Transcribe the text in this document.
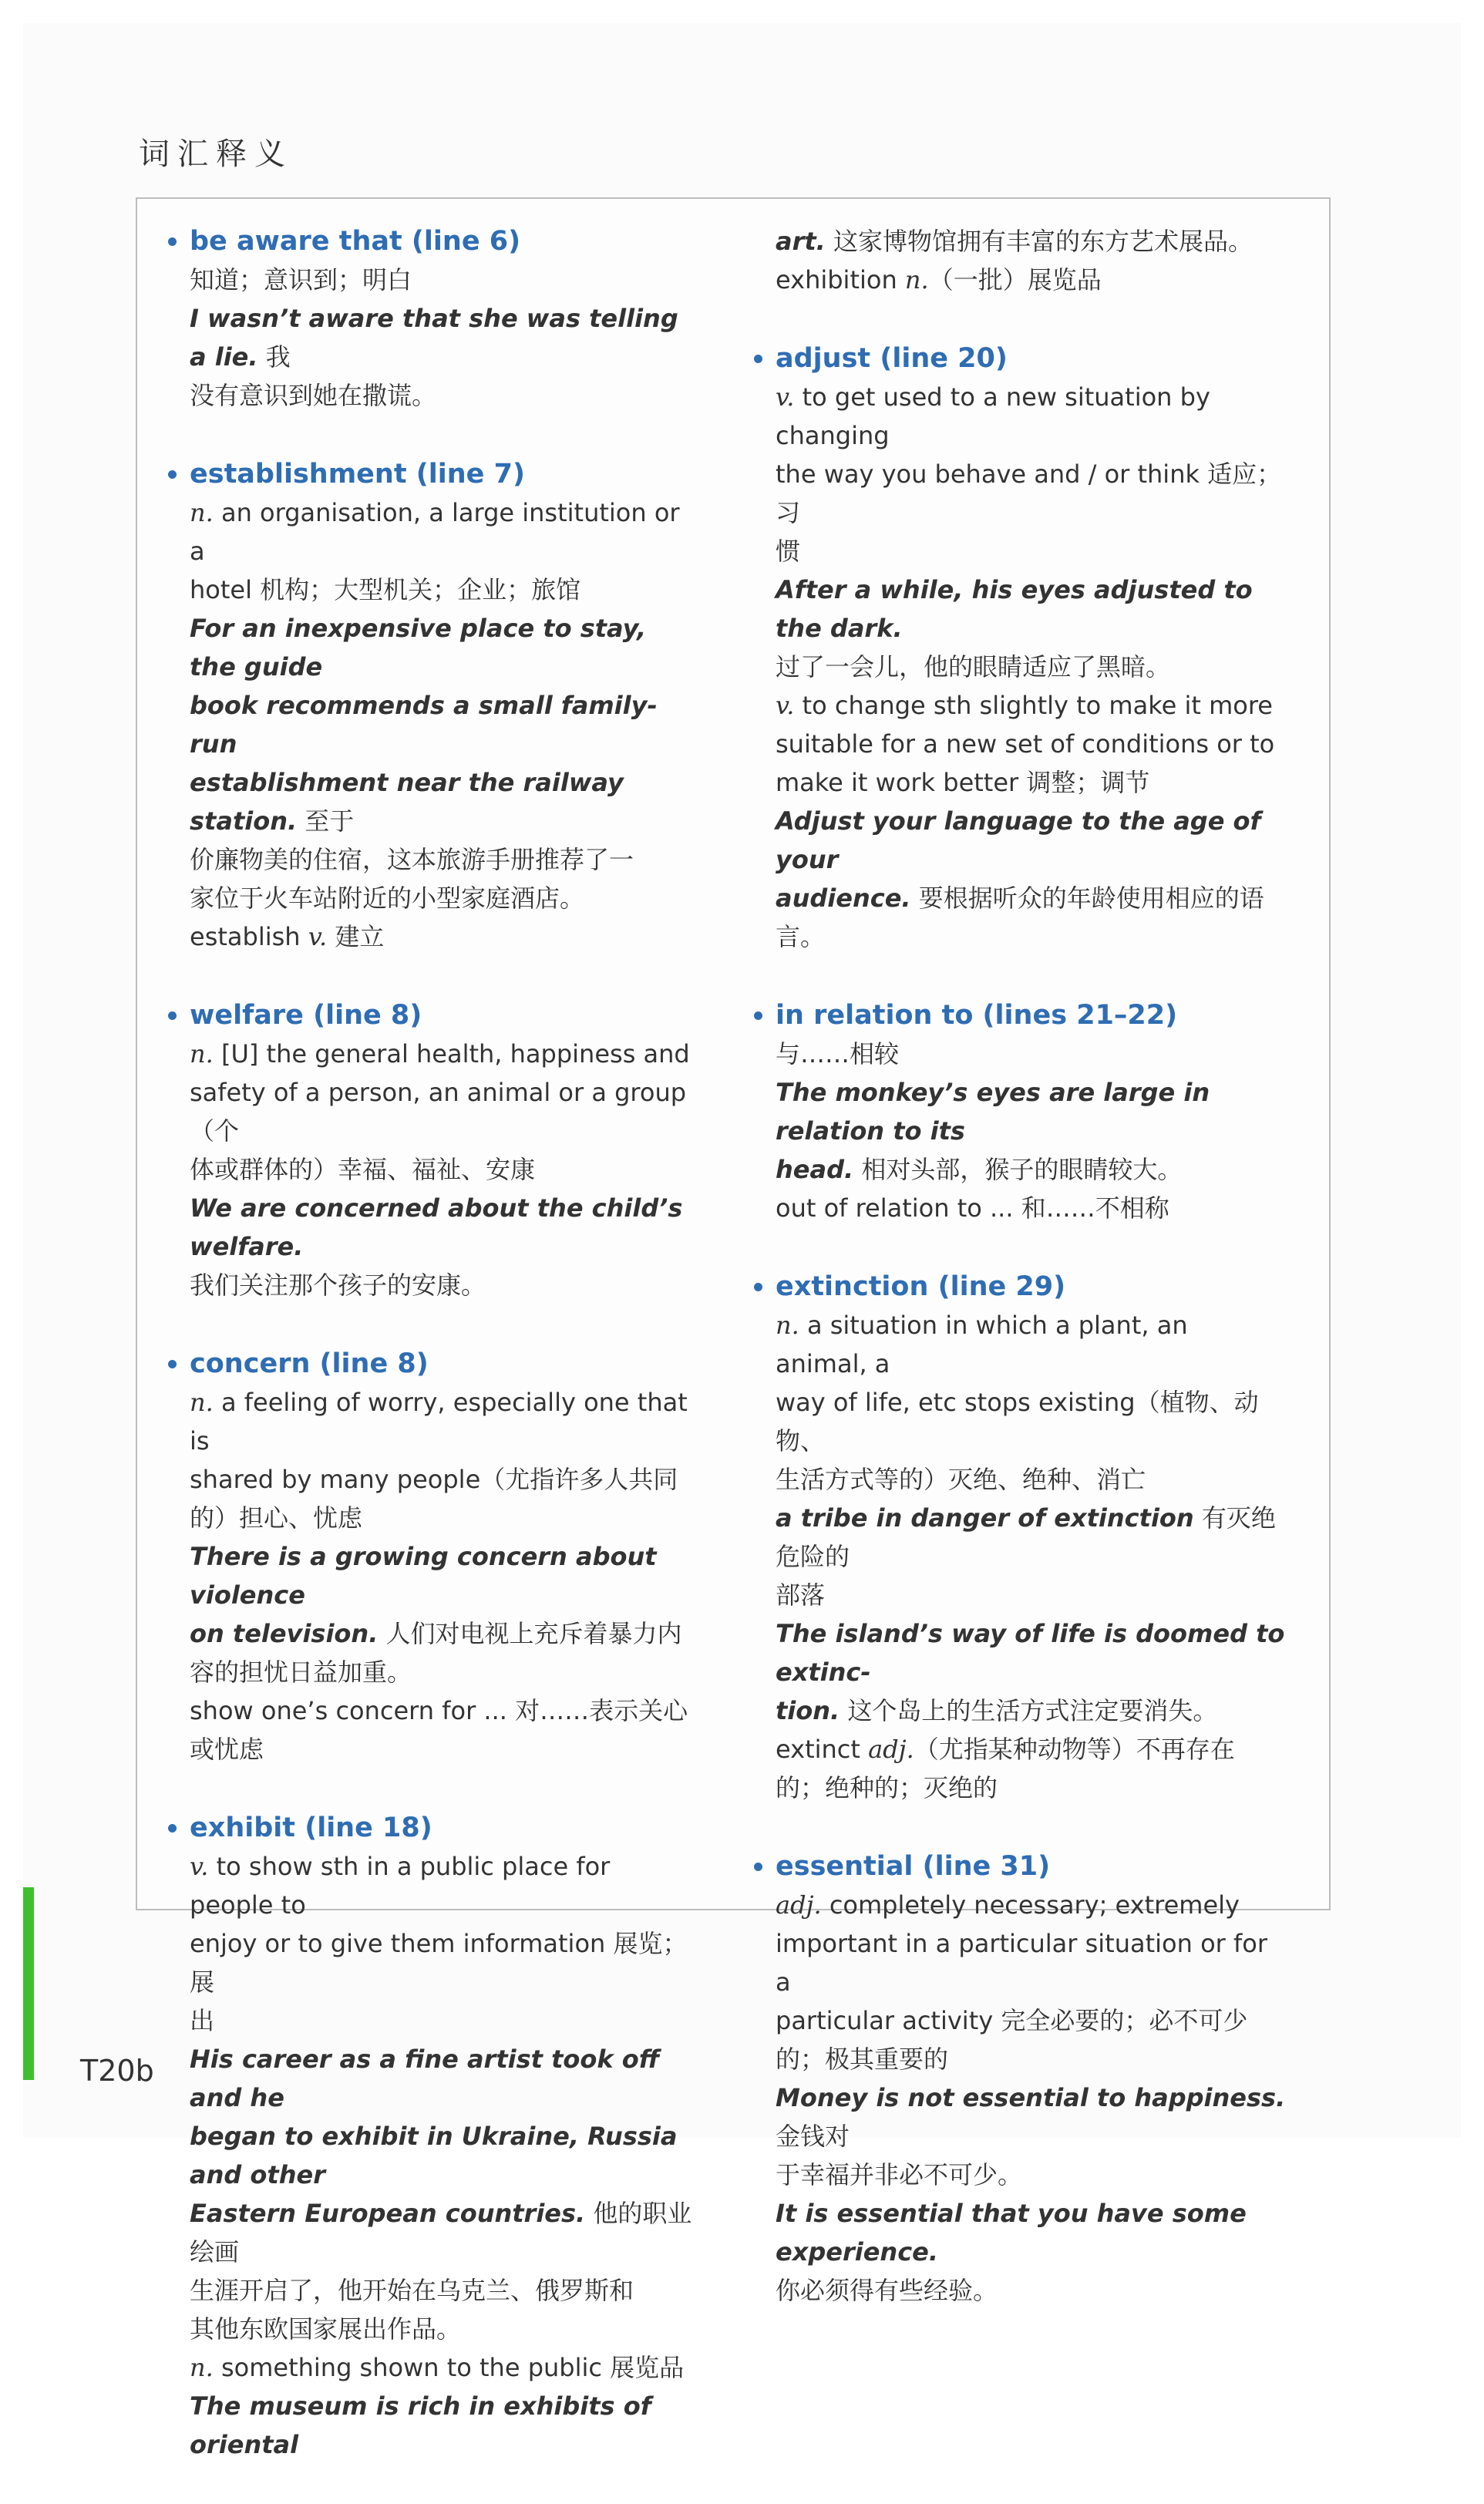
词汇释义
be aware that (line 6)
知道；意识到；明白
I wasn’t aware that she was telling a lie. 我
没有意识到她在撒谎。
establishment (line 7)
n. an organisation, a large institution or a
hotel 机构；大型机关；企业；旅馆
For an inexpensive place to stay, the guide
book recommends a small family-run
establishment near the railway station. 至于
价廉物美的住宿，这本旅游手册推荐了一
家位于火车站附近的小型家庭酒店。
establish v. 建立
welfare (line 8)
n. [U] the general health, happiness and
safety of a person, an animal or a group（个
体或群体的）幸福、福祉、安康
We are concerned about the child’s welfare.
我们关注那个孩子的安康。
concern (line 8)
n. a feeling of worry, especially one that is
shared by many people（尤指许多人共同
的）担心、忧虑
There is a growing concern about violence
on television. 人们对电视上充斥着暴力内
容的担忧日益加重。
show one’s concern for ... 对……表示关心
或忧虑
exhibit (line 18)
v. to show sth in a public place for people to
enjoy or to give them information 展览；展
出
His career as a fine artist took off and he
began to exhibit in Ukraine, Russia and other
Eastern European countries. 他的职业绘画
生涯开启了，他开始在乌克兰、俄罗斯和
其他东欧国家展出作品。
n. something shown to the public 展览品
The museum is rich in exhibits of oriental
art. 这家博物馆拥有丰富的东方艺术展品。
exhibition n.（一批）展览品
adjust (line 20)
v. to get used to a new situation by changing
the way you behave and / or think 适应；习
惯
After a while, his eyes adjusted to the dark.
过了一会儿，他的眼睛适应了黑暗。
v. to change sth slightly to make it more
suitable for a new set of conditions or to
make it work better 调整；调节
Adjust your language to the age of your
audience. 要根据听众的年龄使用相应的语
言。
in relation to (lines 21–22)
与……相较
The monkey’s eyes are large in relation to its
head. 相对头部，猴子的眼睛较大。
out of relation to ... 和……不相称
extinction (line 29)
n. a situation in which a plant, an animal, a
way of life, etc stops existing（植物、动物、
生活方式等的）灭绝、绝种、消亡
a tribe in danger of extinction 有灭绝危险的
部落
The island’s way of life is doomed to extinc-
tion. 这个岛上的生活方式注定要消失。
extinct adj.（尤指某种动物等）不再存在
的；绝种的；灭绝的
essential (line 31)
adj. completely necessary; extremely
important in a particular situation or for a
particular activity 完全必要的；必不可少
的；极其重要的
Money is not essential to happiness. 金钱对
于幸福并非必不可少。
It is essential that you have some experience.
你必须得有些经验。
T20b
